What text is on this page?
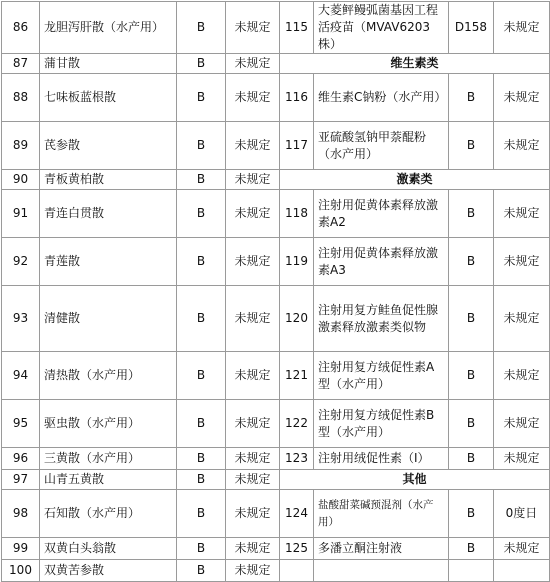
86	龙胆泻肝散（水产用）	B	未规定	115	大菱鲆鳗弧菌基因工程活疫苗（MVAV6203株）	D158	未规定
87	蒲甘散	B	未规定	维生素类			
88	七味板蓝根散	B	未规定	116	维生素C钠粉（水产用）	B	未规定
89	芪参散	B	未规定	117	亚硫酸氢钠甲萘醌粉（水产用）	B	未规定
90	青板黄柏散	B	未规定	激素类			
91	青连白贯散	B	未规定	118	注射用促黄体素释放激素A2	B	未规定
92	青莲散	B	未规定	119	注射用促黄体素释放激素A3	B	未规定
93	清健散	B	未规定	120	注射用复方鲑鱼促性腺激素释放激素类似物	B	未规定
94	清热散（水产用）	B	未规定	121	注射用复方绒促性素A型（水产用）	B	未规定
95	驱虫散（水产用）	B	未规定	122	注射用复方绒促性素B型（水产用）	B	未规定
96	三黄散（水产用）	B	未规定	123	注射用绒促性素（I）	B	未规定
97	山青五黄散	B	未规定	其他			
98	石知散（水产用）	B	未规定	124	盐酸甜菜碱预混剂（水产用）	B	0度日
99	双黄白头翁散	B	未规定	125	多潘立酮注射液	B	未规定
100	双黄苦参散	B	未规定				
